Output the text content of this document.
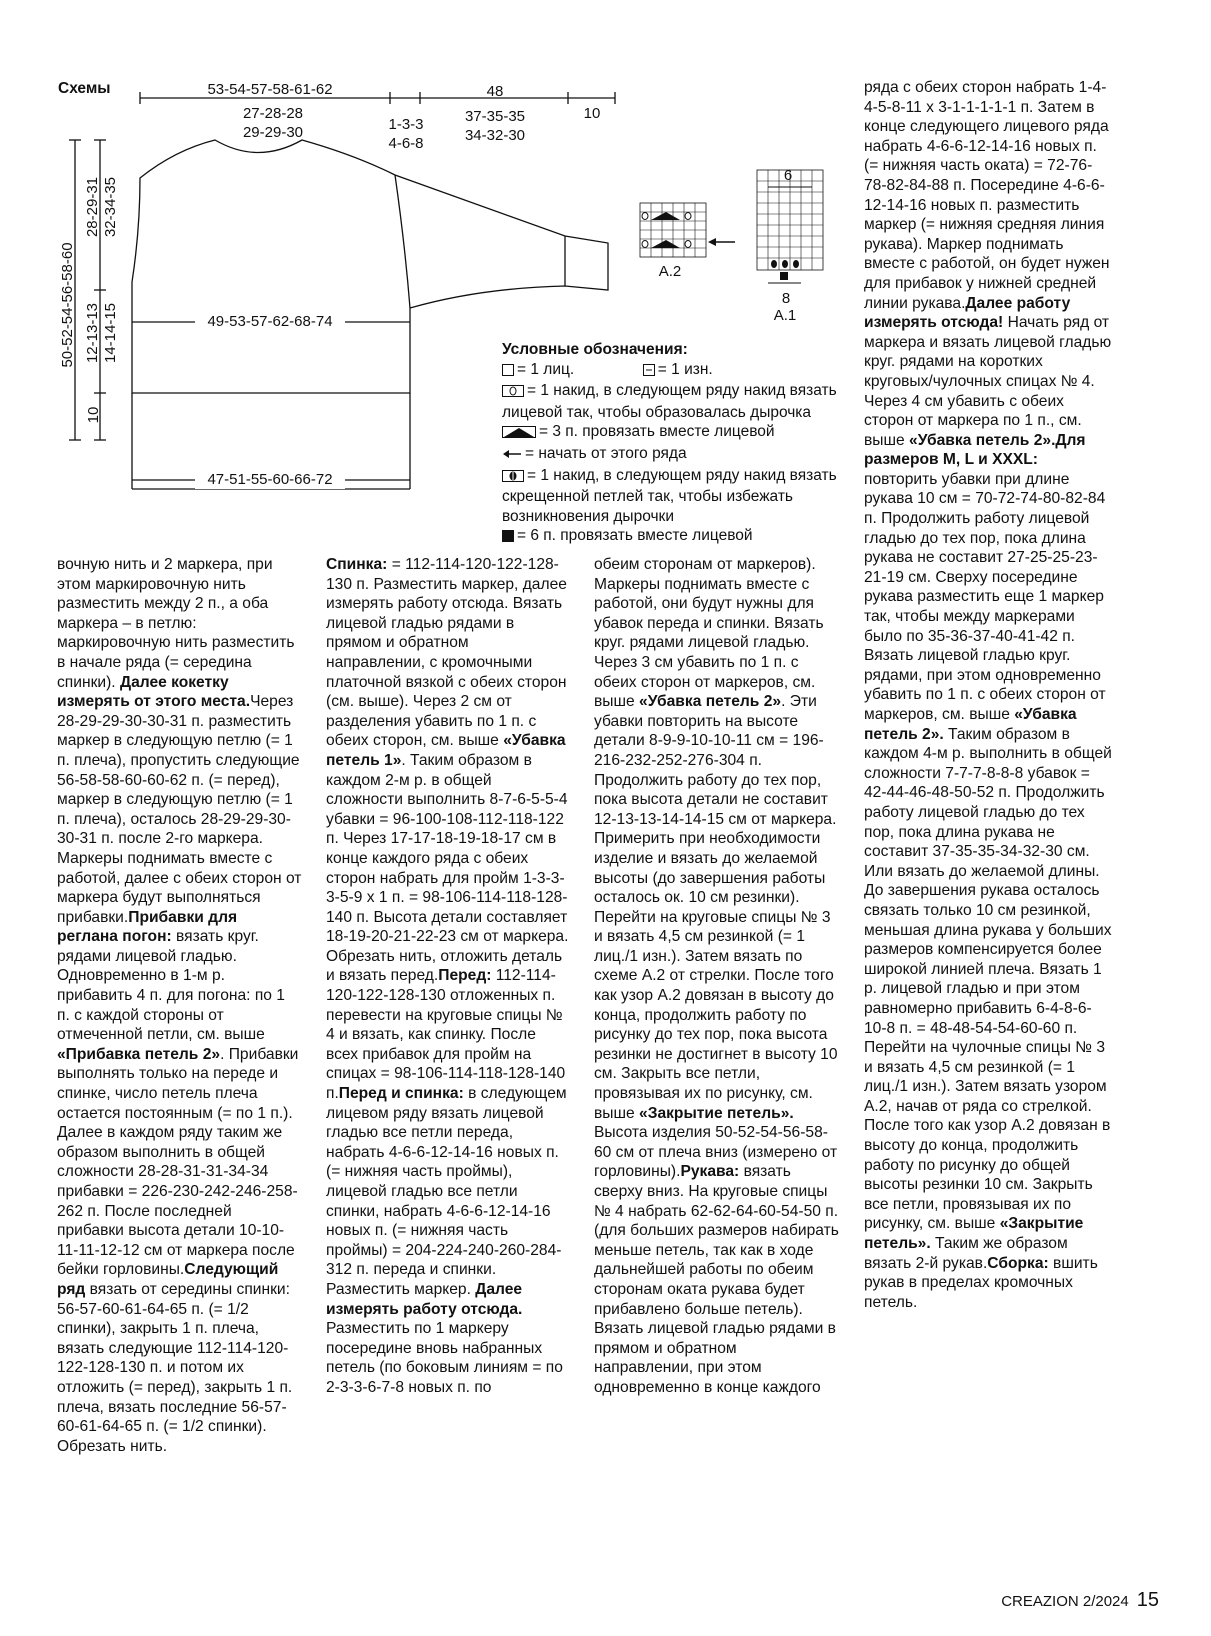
Схемы	53-54-57-58-61-62	48
27-28-28
29-29-30	1-3-3
4-6-8
37-35-35
34-32-30
10
49-53-57-62-68-74
47-51-55-60-66-72
50-52-54-56-58-60
28-29-31
32-34-35
12-13-13
14-14-15
10
A.2
6
8
A.1

Условные обозначения:

= 1 лиц.	= 1 изн.

= 1 накид, в следующем ряду накид вязать лицевой так, чтобы образовалась дырочка

= 3 п. провязать вместе лицевой

= начать от этого ряда

= 1 накид, в следующем ряду накид вязать скрещенной петлей так, чтобы избежать возникновения дырочки

= 6 п. провязать вместе лицевой

ряда с обеих сторон набрать 1-4-4-5-8-11 x 3-1-1-1-1-1 п. Затем в конце следующего лицевого ряда набрать 4-6-6-12-14-16 новых п. (= нижняя часть оката) = 72-76-78-82-84-88 п. Посередине 4-6-6-12-14-16 новых п. разместить маркер (= нижняя средняя линия рукава). Маркер поднимать вместе с работой, он будет нужен для прибавок у нижней средней линии рукава.Далее работу измерять отсюда! Начать ряд от маркера и вязать лицевой гладью круг. рядами на коротких круговых/чулочных спицах № 4. Через 4 см убавить с обеих сторон от маркера по 1 п., см. выше «Убавка петель 2».Для размеров M, L и XXXL: повторить убавки при длине рукава 10 см = 70-72-74-80-82-84 п. Продолжить работу лицевой гладью до тех пор, пока длина рукава не составит 27-25-25-23-21-19 см. Сверху посередине рукава разместить еще 1 маркер так, чтобы между маркерами было по 35-36-37-40-41-42 п. Вязать лицевой гладью круг. рядами, при этом одновременно убавить по 1 п. с обеих сторон от маркеров, см. выше «Убавка петель 2». Таким образом в каждом 4-м р. выполнить в общей сложности 7-7-7-8-8-8 убавок = 42-44-46-48-50-52 п. Продолжить работу лицевой гладью до тех пор, пока длина рукава не составит 37-35-35-34-32-30 см. Или вязать до желаемой длины. До завершения рукава осталось связать только 10 см резинкой, меньшая длина рукава у больших размеров компенсируется более широкой линией плеча. Вязать 1 р. лицевой гладью и при этом равномерно прибавить 6-4-8-6-10-8 п. = 48-48-54-54-60-60 п. Перейти на чулочные спицы № 3 и вязать 4,5 см резинкой (= 1 лиц./1 изн.). Затем вязать узором A.2, начав от ряда со стрелкой. После того как узор A.2 довязан в высоту до конца, продолжить работу по рисунку до общей высоты резинки 10 см. Закрыть все петли, провязывая их по рисунку, см. выше «Закрытие петель». Таким же образом вязать 2-й рукав.Сборка: вшить рукав в пределах кромочных петель.

вочную нить и 2 маркера, при этом маркировочную нить разместить между 2 п., а оба маркера – в петлю: маркировочную нить разместить в начале ряда (= середина спинки). Далее кокетку измерять от этого места.Через 28-29-29-30-30-31 п. разместить маркер в следующую петлю (= 1 п. плеча), пропустить следующие 56-58-58-60-60-62 п. (= перед), маркер в следующую петлю (= 1 п. плеча), осталось 28-29-29-30-30-31 п. после 2-го маркера. Маркеры поднимать вместе с работой, далее с обеих сторон от маркера будут выполняться прибавки.Прибавки для реглана погон: вязать круг. рядами лицевой гладью. Одновременно в 1-м р. прибавить 4 п. для погона: по 1 п. с каждой стороны от отмеченной петли, см. выше «Прибавка петель 2». Прибавки выполнять только на переде и спинке, число петель плеча остается постоянным (= по 1 п.). Далее в каждом ряду таким же образом выполнить в общей сложности 28-28-31-31-34-34 прибавки = 226-230-242-246-258-262 п. После последней прибавки высота детали 10-10-11-11-12-12 см от маркера после бейки горловины.Следующий ряд вязать от середины спинки: 56-57-60-61-64-65 п. (= 1/2 спинки), закрыть 1 п. плеча, вязать следующие 112-114-120-122-128-130 п. и потом их отложить (= перед), закрыть 1 п. плеча, вязать последние 56-57-60-61-64-65 п. (= 1/2 спинки). Обрезать нить.

Спинка: = 112-114-120-122-128-130 п. Разместить маркер, далее измерять работу отсюда. Вязать лицевой гладью рядами в прямом и обратном направлении, с кромочными платочной вязкой с обеих сторон (см. выше). Через 2 см от разделения убавить по 1 п. с обеих сторон, см. выше «Убавка петель 1». Таким образом в каждом 2-м р. в общей сложности выполнить 8-7-6-5-5-4 убавки = 96-100-108-112-118-122 п. Через 17-17-18-19-18-17 см в конце каждого ряда с обеих сторон набрать для пройм 1-3-3-3-5-9 x 1 п. = 98-106-114-118-128-140 п. Высота детали составляет 18-19-20-21-22-23 см от маркера. Обрезать нить, отложить деталь и вязать перед.Перед: 112-114-120-122-128-130 отложенных п. перевести на круговые спицы № 4 и вязать, как спинку. После всех прибавок для пройм на спицах = 98-106-114-118-128-140 п.Перед и спинка: в следующем лицевом ряду вязать лицевой гладью все петли переда, набрать 4-6-6-12-14-16 новых п. (= нижняя часть проймы), лицевой гладью все петли спинки, набрать 4-6-6-12-14-16 новых п. (= нижняя часть проймы) = 204-224-240-260-284-312 п. переда и спинки. Разместить маркер. Далее измерять работу отсюда. Разместить по 1 маркеру посередине вновь набранных петель (по боковым линиям = по 2-3-3-6-7-8 новых п. по

обеим сторонам от маркеров). Маркеры поднимать вместе с работой, они будут нужны для убавок переда и спинки. Вязать круг. рядами лицевой гладью. Через 3 см убавить по 1 п. с обеих сторон от маркеров, см. выше «Убавка петель 2». Эти убавки повторить на высоте детали 8-9-9-10-10-11 см = 196-216-232-252-276-304 п. Продолжить работу до тех пор, пока высота детали не составит 12-13-13-14-14-15 см от маркера. Примерить при необходимости изделие и вязать до желаемой высоты (до завершения работы осталось ок. 10 см резинки). Перейти на круговые спицы № 3 и вязать 4,5 см резинкой (= 1 лиц./1 изн.). Затем вязать по схеме A.2 от стрелки. После того как узор A.2 довязан в высоту до конца, продолжить работу по рисунку до тех пор, пока высота резинки не достигнет в высоту 10 см. Закрыть все петли, провязывая их по рисунку, см. выше «Закрытие петель». Высота изделия 50-52-54-56-58-60 см от плеча вниз (измерено от горловины).Рукава: вязать сверху вниз. На круговые спицы № 4 набрать 62-62-64-60-54-50 п. (для больших размеров набирать меньше петель, так как в ходе дальнейшей работы по обеим сторонам оката рукава будет прибавлено больше петель). Вязать лицевой гладью рядами в прямом и обратном направлении, при этом одновременно в конце каждого

CREAZION 2/2024 15
